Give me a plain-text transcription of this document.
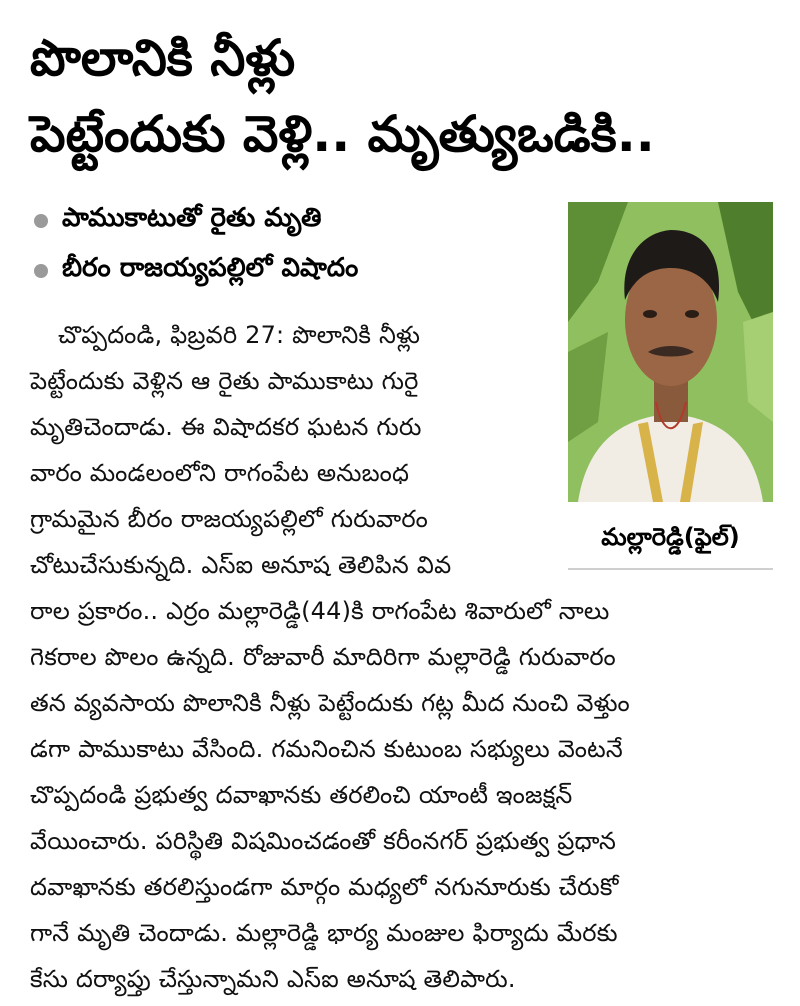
పొలానికి నీళ్లు
పెట్టేందుకు వెళ్లి.. మృత్యుఒడికి..
పాముకాటుతో రైతు మృతి
బీరం రాజయ్యపల్లిలో విషాదం
మల్లారెడ్డి(ఫైల్)
చొప్పదండి, ఫిబ్రవరి 27: పొలానికి నీళ్లు
పెట్టేందుకు వెళ్లిన ఆ రైతు పాముకాటు గురై
మృతిచెందాడు. ఈ విషాదకర ఘటన గురు
వారం మండలంలోని రాగంపేట అనుబంధ
గ్రామమైన బీరం రాజయ్యపల్లిలో గురువారం
చోటుచేసుకున్నది. ఎస్ఐ అనూష తెలిపిన వివ
రాల ప్రకారం.. ఎర్రం మల్లారెడ్డి(44)కి రాగంపేట శివారులో నాలు
గెకరాల పొలం ఉన్నది. రోజువారీ మాదిరిగా మల్లారెడ్డి గురువారం
తన వ్యవసాయ పొలానికి నీళ్లు పెట్టేందుకు గట్ల మీద నుంచి వెళ్తుం
డగా పాముకాటు వేసింది. గమనించిన కుటుంబ సభ్యులు వెంటనే
చొప్పదండి ప్రభుత్వ దవాఖానకు తరలించి యాంటీ ఇంజక్షన్
వేయించారు. పరిస్థితి విషమించడంతో కరీంనగర్ ప్రభుత్వ ప్రధాన
దవాఖానకు తరలిస్తుండగా మార్గం మధ్యలో నగునూరుకు చేరుకో
గానే మృతి చెందాడు. మల్లారెడ్డి భార్య మంజుల ఫిర్యాదు మేరకు
కేసు దర్యాప్తు చేస్తున్నామని ఎస్ఐ అనూష తెలిపారు.
